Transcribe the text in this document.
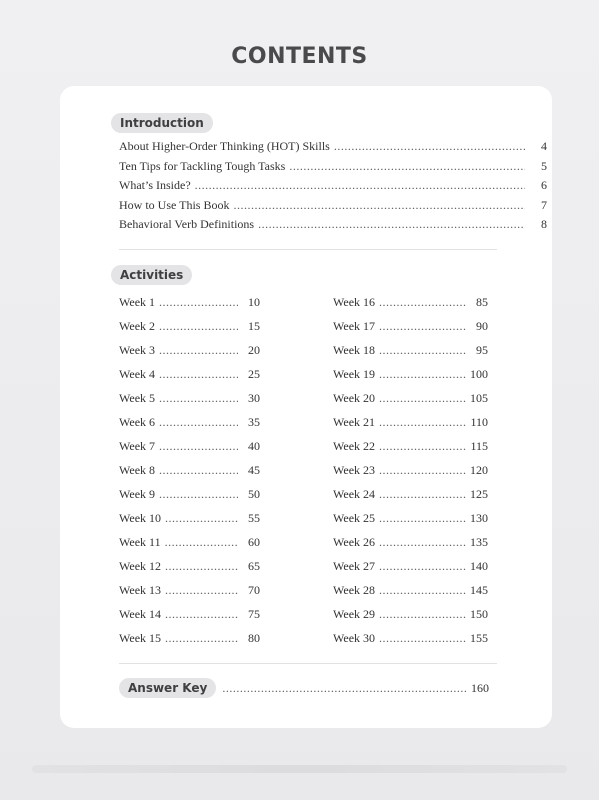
CONTENTS
Introduction
About Higher-Order Thinking (HOT) Skills .....	4
Ten Tips for Tackling Tough Tasks .....	5
What’s Inside? .....	6
How to Use This Book .....	7
Behavioral Verb Definitions .....	8
Activities
Week 1 .....	10
Week 2 .....	15
Week 3 .....	20
Week 4 .....	25
Week 5 .....	30
Week 6 .....	35
Week 7 .....	40
Week 8 .....	45
Week 9 .....	50
Week 10 .....	55
Week 11 .....	60
Week 12 .....	65
Week 13 .....	70
Week 14 .....	75
Week 15 .....	80
Week 16 .....	85
Week 17 .....	90
Week 18 .....	95
Week 19 .....	100
Week 20 .....	105
Week 21 .....	110
Week 22 .....	115
Week 23 .....	120
Week 24 .....	125
Week 25 .....	130
Week 26 .....	135
Week 27 .....	140
Week 28 .....	145
Week 29 .....	150
Week 30 .....	155
Answer Key .....	160
